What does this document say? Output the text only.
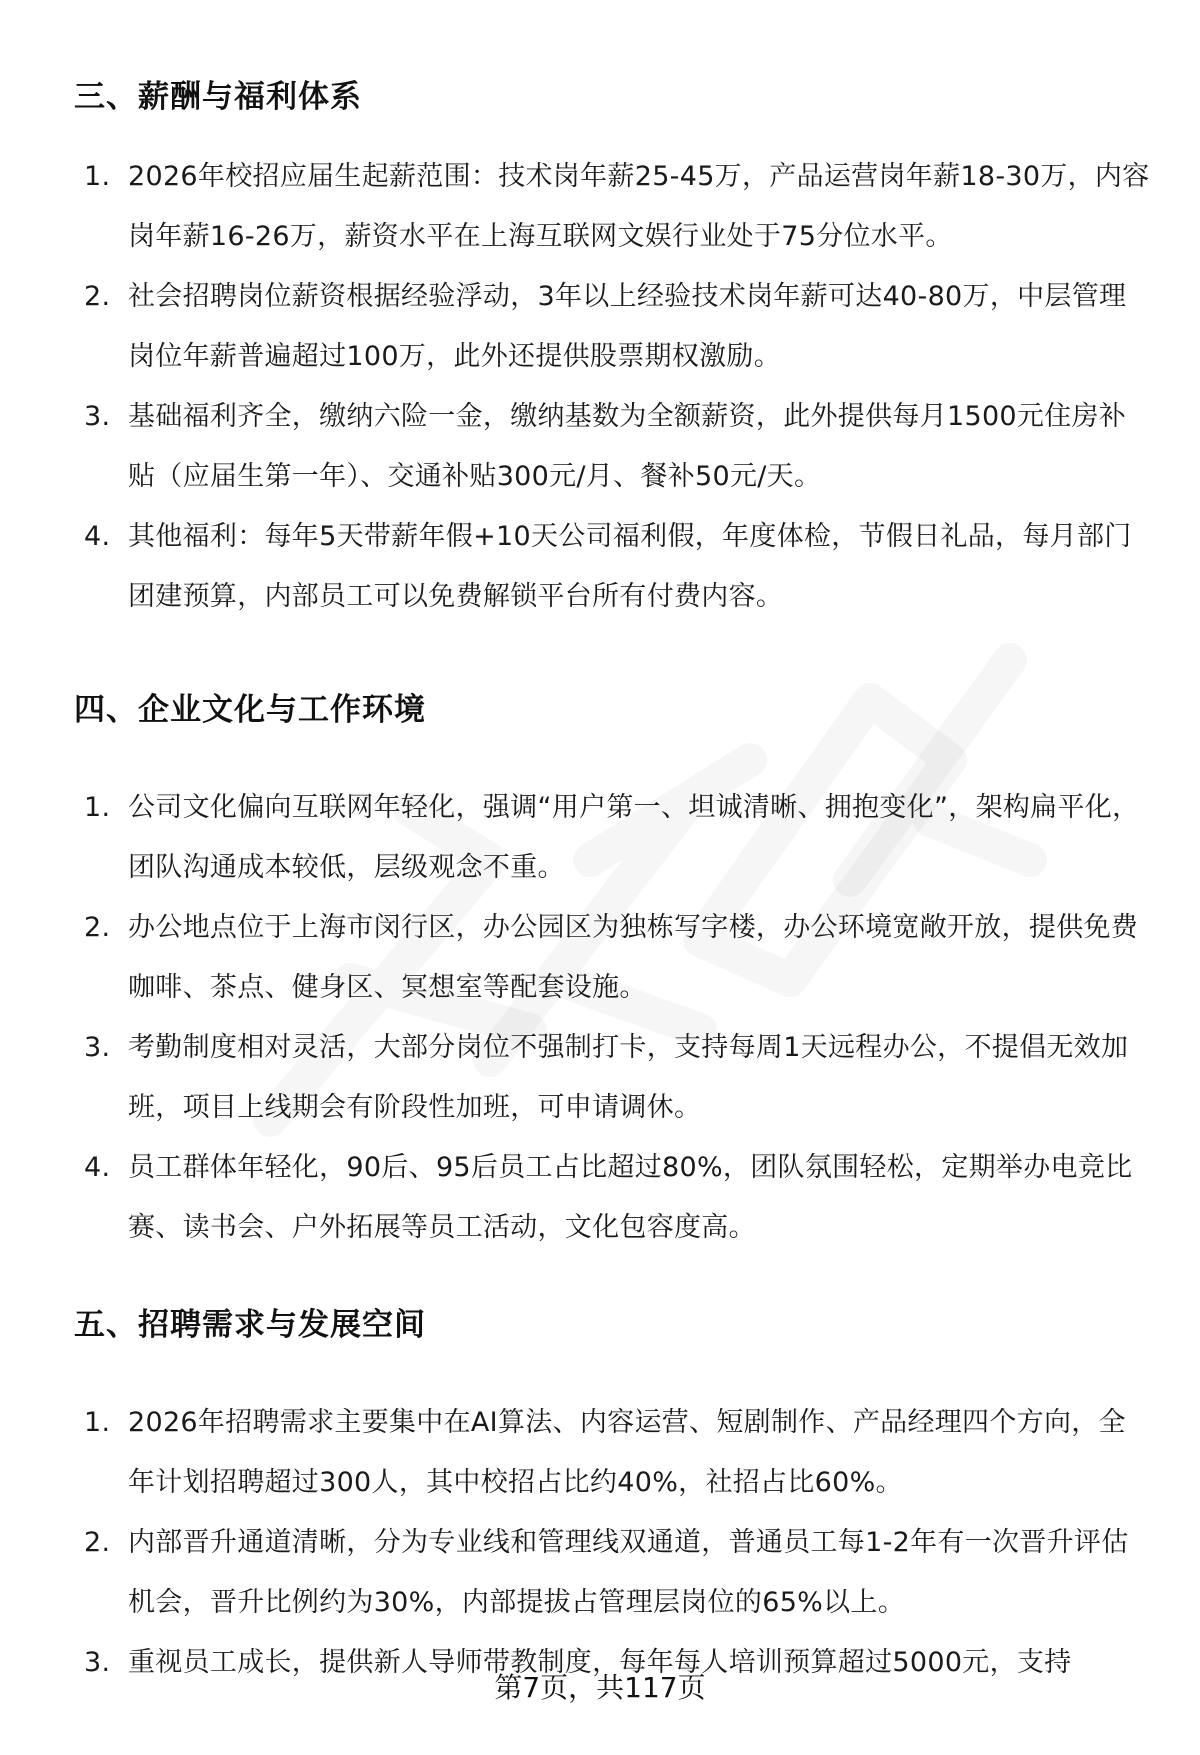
三、薪酬与福利体系
1. 2026年校招应届生起薪范围：技术岗年薪25-45万，产品运营岗年薪18-30万，内容岗年薪16-26万，薪资水平在上海互联网文娱行业处于75分位水平。
2. 社会招聘岗位薪资根据经验浮动，3年以上经验技术岗年薪可达40-80万，中层管理岗位年薪普遍超过100万，此外还提供股票期权激励。
3. 基础福利齐全，缴纳六险一金，缴纳基数为全额薪资，此外提供每月1500元住房补贴（应届生第一年）、交通补贴300元/月、餐补50元/天。
4. 其他福利：每年5天带薪年假+10天公司福利假，年度体检，节假日礼品，每月部门团建预算，内部员工可以免费解锁平台所有付费内容。
四、企业文化与工作环境
1. 公司文化偏向互联网年轻化，强调“用户第一、坦诚清晰、拥抱变化”，架构扁平化，团队沟通成本较低，层级观念不重。
2. 办公地点位于上海市闵行区，办公园区为独栋写字楼，办公环境宽敞开放，提供免费咖啡、茶点、健身区、冥想室等配套设施。
3. 考勤制度相对灵活，大部分岗位不强制打卡，支持每周1天远程办公，不提倡无效加班，项目上线期会有阶段性加班，可申请调休。
4. 员工群体年轻化，90后、95后员工占比超过80%，团队氛围轻松，定期举办电竞比赛、读书会、户外拓展等员工活动，文化包容度高。
五、招聘需求与发展空间
1. 2026年招聘需求主要集中在AI算法、内容运营、短剧制作、产品经理四个方向，全年计划招聘超过300人，其中校招占比约40%，社招占比60%。
2. 内部晋升通道清晰，分为专业线和管理线双通道，普通员工每1-2年有一次晋升评估机会，晋升比例约为30%，内部提拔占管理层岗位的65%以上。
3. 重视员工成长，提供新人导师带教制度，每年每人培训预算超过5000元，支持
第7页，共117页
